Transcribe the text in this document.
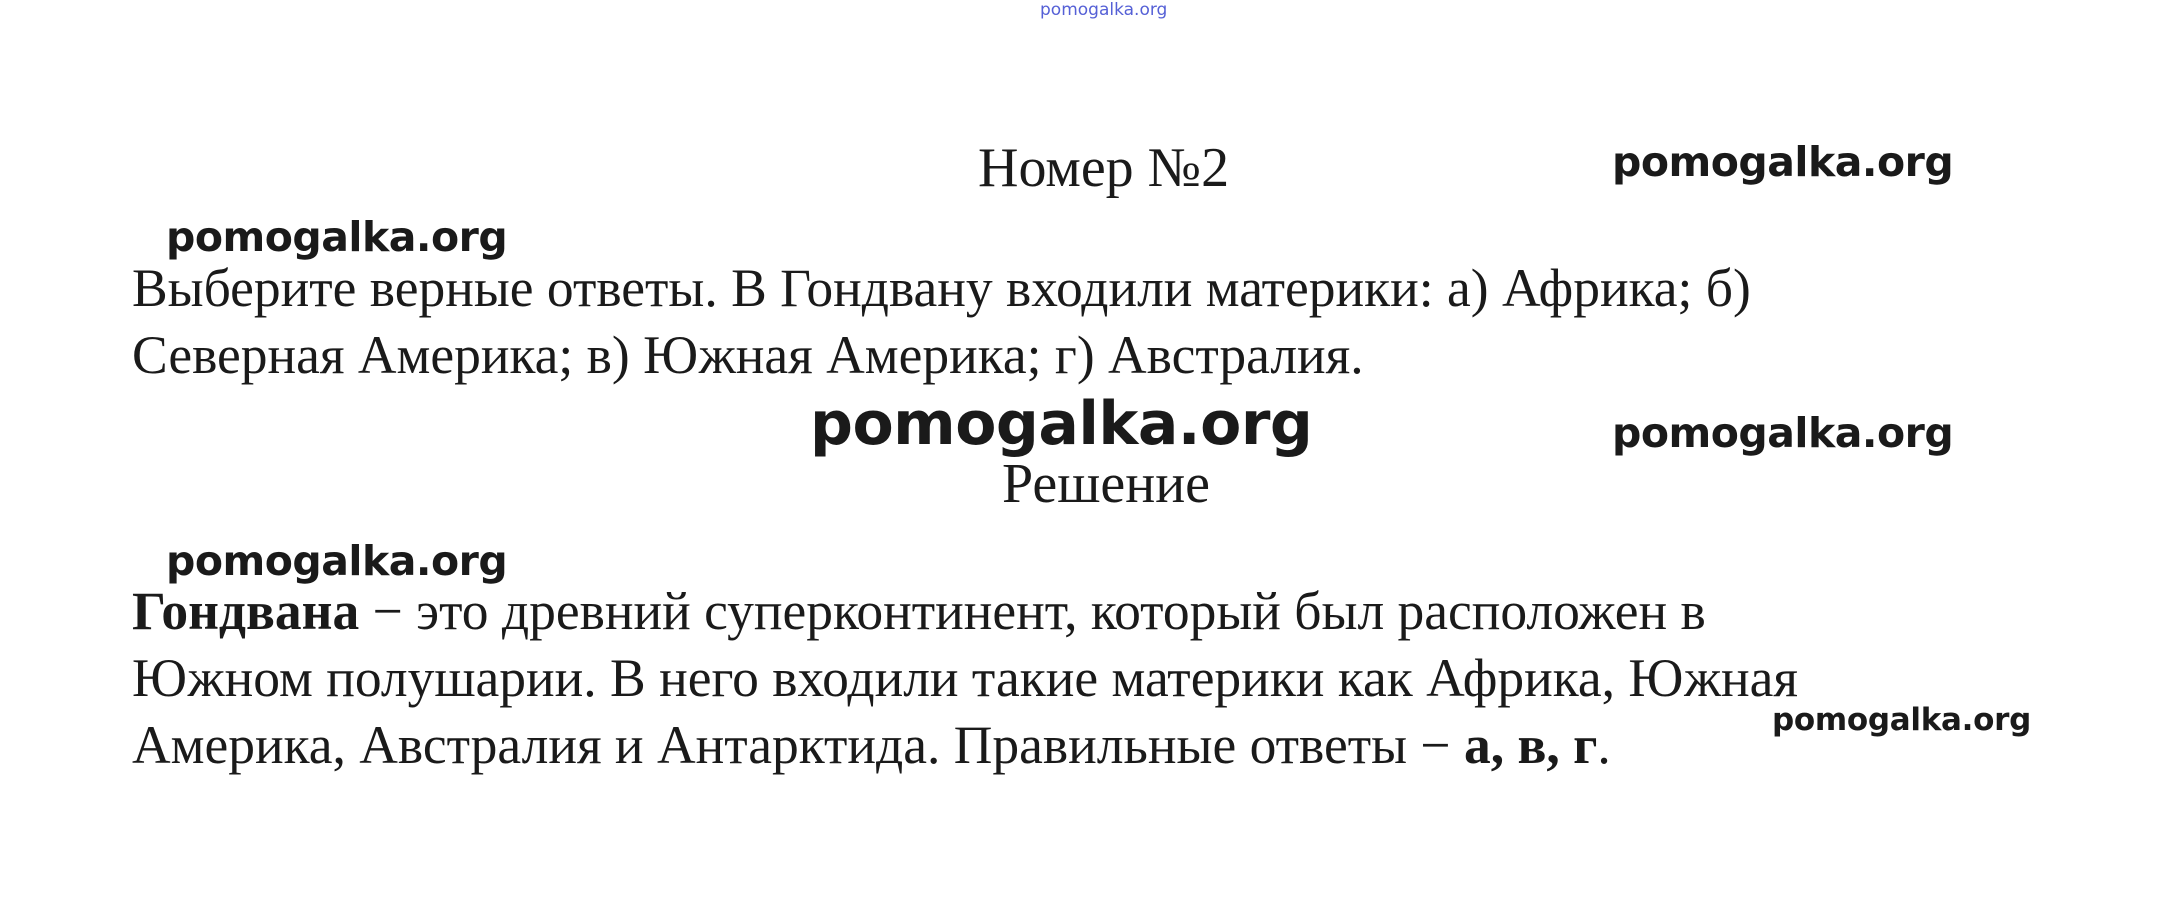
pomogalka.org
pomogalka.org
pomogalka.org
pomogalka.org	pomogalka.org
pomogalka.org
pomogalka.org
Номер №2

Выберите верные ответы. В Гондвану входили материки: а) Африка; б)
Северная Америка; в) Южная Америка; г) Австралия.

Решение

Гондвана − это древний суперконтинент, который был расположен в
Южном полушарии. В него входили такие материки как Африка, Южная
Америка, Австралия и Антарктида. Правильные ответы − а, в, г.
